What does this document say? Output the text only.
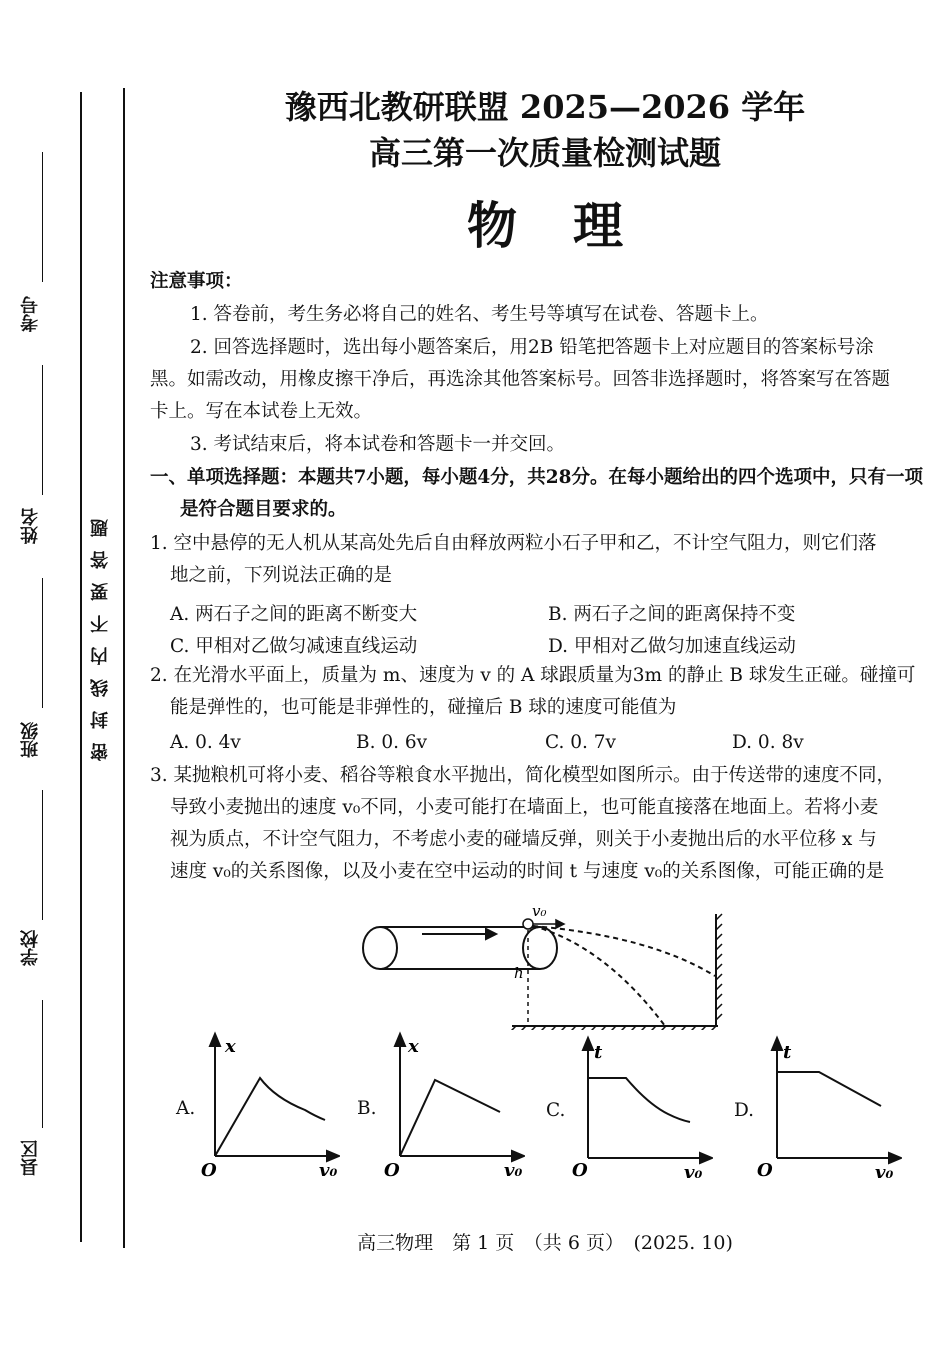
考号
姓名
班级
学校
县区
密封线内不要答题
豫西北教研联盟 2025—2026 学年
高三第一次质量检测试题
物理
注意事项：
1. 答卷前，考生务必将自己的姓名、考生号等填写在试卷、答题卡上。
2. 回答选择题时，选出每小题答案后，用2B 铅笔把答题卡上对应题目的答案标号涂
黑。如需改动，用橡皮擦干净后，再选涂其他答案标号。回答非选择题时，将答案写在答题
卡上。写在本试卷上无效。
3. 考试结束后，将本试卷和答题卡一并交回。
一、单项选择题：本题共7小题，每小题4分，共28分。在每小题给出的四个选项中，只有一项
是符合题目要求的。
1. 空中悬停的无人机从某高处先后自由释放两粒小石子甲和乙，不计空气阻力，则它们落
地之前，下列说法正确的是
A. 两石子之间的距离不断变大	B. 两石子之间的距离保持不变
C. 甲相对乙做匀减速直线运动	D. 甲相对乙做匀加速直线运动
2. 在光滑水平面上，质量为 m、速度为 v 的 A 球跟质量为3m 的静止 B 球发生正碰。碰撞可
能是弹性的，也可能是非弹性的，碰撞后 B 球的速度可能值为
A. 0. 4v	B. 0. 6v	C. 0. 7v	D. 0. 8v
3. 某抛粮机可将小麦、稻谷等粮食水平抛出，简化模型如图所示。由于传送带的速度不同，
导致小麦抛出的速度 v₀不同，小麦可能打在墙面上，也可能直接落在地面上。若将小麦
视为质点，不计空气阻力，不考虑小麦的碰墙反弹，则关于小麦抛出后的水平位移 x 与
速度 v₀的关系图像，以及小麦在空中运动的时间 t 与速度 v₀的关系图像，可能正确的是
v₀
h
A.
x
v₀
O
B.
x
v₀
O
C.
t
v₀
O
D.
t
v₀
O
高三物理　第 1 页　（共 6 页）　(2025. 10)
